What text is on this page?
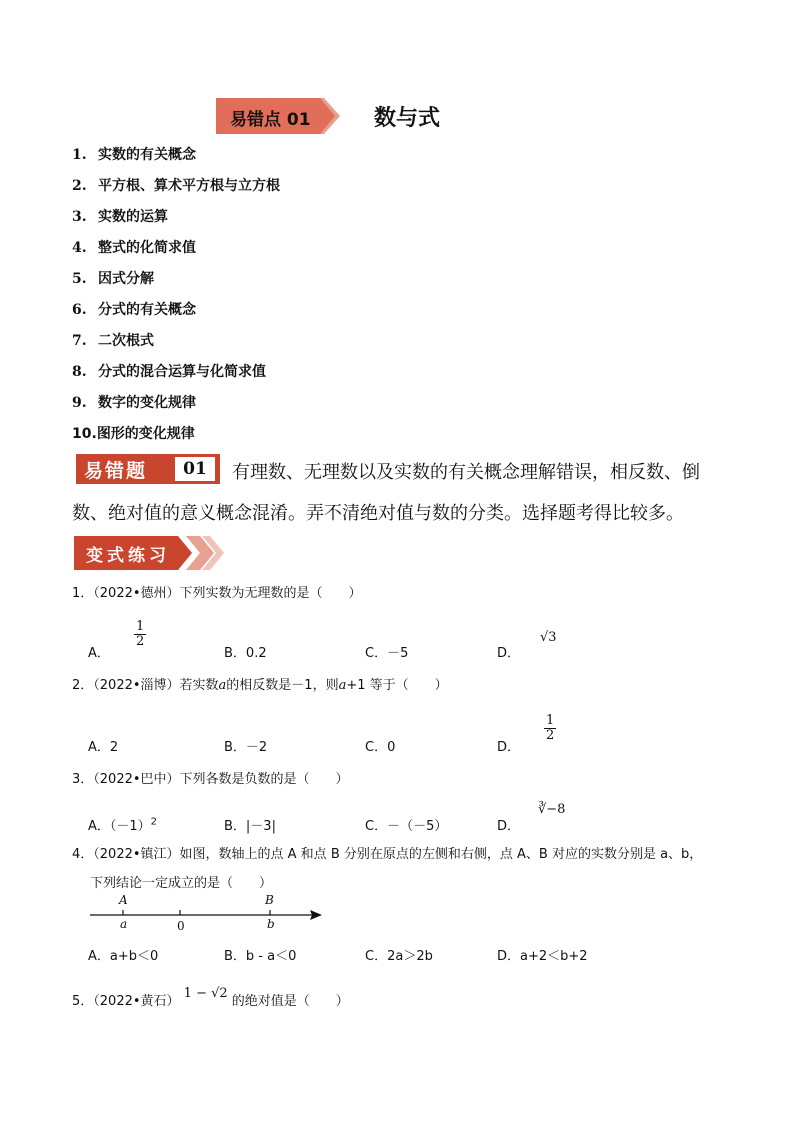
易错点 01	数与式
1. 实数的有关概念
2. 平方根、算术平方根与立方根
3. 实数的运算
4. 整式的化简求值
5. 因式分解
6. 分式的有关概念
7. 二次根式
8. 分式的混合运算与化简求值
9. 数字的变化规律
10.图形的变化规律
易错题	01	有理数、无理数以及实数的有关概念理解错误，相反数、倒
数、绝对值的意义概念混淆。弄不清绝对值与数的分类。选择题考得比较多。
变式练习
1．（2022•德州）下列实数为无理数的是（　　）
A．
$\frac{1}{2}$
B．0.2	C．－5	D．
√3
2．（2022•淄博）若实数a的相反数是－1，则a+1 等于（　　）
A．2	B．－2	C．0	D．
$\frac{1}{2}$
3．（2022•巴中）下列各数是负数的是（　　）
A．$(-1)^2$	B．|－3|	C．－（－5）	D．
∛−8
4．（2022•镇江）如图，数轴上的点 A 和点 B 分别在原点的左侧和右侧，点 A、B 对应的实数分别是 a、b，
下列结论一定成立的是（　　）
A
a	0
B
b
A．a+b＜0	B．b - a＜0	C．2a＞2b	D．a+2＜b+2
5．（2022•黄石） 1 − √2 的绝对值是（　　）
